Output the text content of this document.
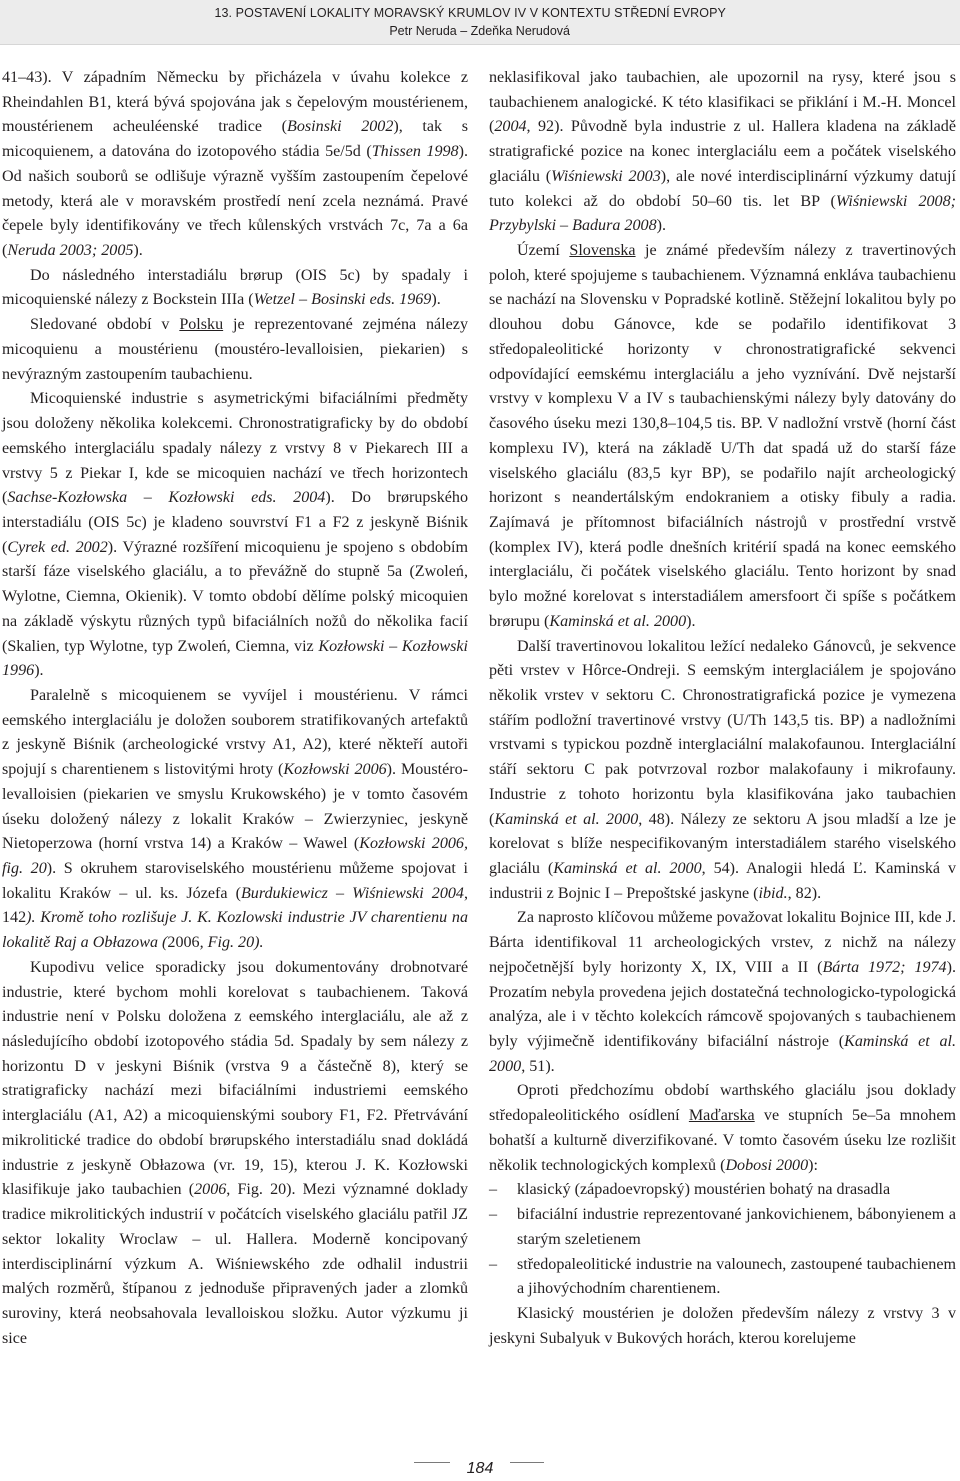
13. POSTAVENÍ LOKALITY MORAVSKÝ KRUMLOV IV V KONTEXTU STŘEDNÍ EVROPY
Petr Neruda – Zdeňka Nerudová

41–43). V západním Německu by přicházela v úvahu kolekce z Rheindahlen B1, která bývá spojována jak s čepelovým moustérienem, moustérienem acheuléenské tradice (Bosinski 2002), tak s micoquienem, a datována do izotopového stádia 5e/5d (Thissen 1998). Od našich souborů se odlišuje výrazně vyšším zastoupením čepelové metody, která ale v moravském prostředí není zcela neznámá. Pravé čepele byly identifikovány ve třech kůlenských vrstvách 7c, 7a a 6a (Neruda 2003; 2005).

Do následného interstadiálu brørup (OIS 5c) by spadaly i micoquienské nálezy z Bockstein IIIa (Wetzel – Bosinski eds. 1969).

Sledované období v Polsku je reprezentované zejména nálezy micoquienu a moustérienu (moustéro-levalloisien, piekarien) s nevýrazným zastoupením taubachienu.

Micoquienské industrie s asymetrickými bifaciálními předměty jsou doloženy několika kolekcemi. Chronostratigraficky by do období eemského interglaciálu spadaly nálezy z vrstvy 8 v Piekarech III a vrstvy 5 z Piekar I, kde se micoquien nachází ve třech horizontech (Sachse-Kozłowska – Kozłowski eds. 2004). Do brørupského interstadiálu (OIS 5c) je kladeno souvrství F1 a F2 z jeskyně Biśnik (Cyrek ed. 2002). Výrazné rozšíření micoquienu je spojeno s obdobím starší fáze viselského glaciálu, a to převážně do stupně 5a (Zwoleń, Wylotne, Ciemna, Okienik). V tomto období dělíme polský micoquien na základě výskytu různých typů bifaciálních nožů do několika facií (Skalien, typ Wylotne, typ Zwoleń, Ciemna, viz Kozłowski – Kozłowski 1996).

Paralelně s micoquienem se vyvíjel i moustérienu. V rámci eemského interglaciálu je doložen souborem stratifikovaných artefaktů z jeskyně Biśnik (archeologické vrstvy A1, A2), které někteří autoři spojují s charentienem s listovitými hroty (Kozłowski 2006). Moustéro-levalloisien (piekarien ve smyslu Krukowského) je v tomto časovém úseku doložený nálezy z lokalit Kraków – Zwierzyniec, jeskyně Nietoperzowa (horní vrstva 14) a Kraków – Wawel (Kozłowski 2006, fig. 20). S okruhem staroviselského moustérienu můžeme spojovat i lokalitu Kraków – ul. ks. Józefa (Burdukiewicz – Wiśniewski 2004, 142). Kromě toho rozlišuje J. K. Kozlowski industrie JV charentienu na lokalitě Raj a Obłazowa (2006, Fig. 20).

Kupodivu velice sporadicky jsou dokumentovány drobnotvaré industrie, které bychom mohli korelovat s taubachienem. Taková industrie není v Polsku doložena z eemského interglaciálu, ale až z následujícího období izotopového stádia 5d. Spadaly by sem nálezy z horizontu D v jeskyni Biśnik (vrstva 9 a částečně 8), který se stratigraficky nachází mezi bifaciálními industriemi eemského interglaciálu (A1, A2) a micoquienskými soubory F1, F2. Přetrvávání mikrolitické tradice do období brørupského interstadiálu snad dokládá industrie z jeskyně Obłazowa (vr. 19, 15), kterou J. K. Kozłowski klasifikuje jako taubachien (2006, Fig. 20). Mezi významné doklady tradice mikrolitických industrií v počátcích viselského glaciálu patřil JZ sektor lokality Wroclaw – ul. Hallera. Moderně koncipovaný interdisciplinární výzkum A. Wiśniewského zde odhalil industrii malých rozměrů, štípanou z jednoduše připravených jader a zlomků suroviny, která neobsahovala levalloiskou složku. Autor výzkumu ji sice

neklasifikoval jako taubachien, ale upozornil na rysy, které jsou s taubachienem analogické. K této klasifikaci se přiklání i M.-H. Moncel (2004, 92). Původně byla industrie z ul. Hallera kladena na základě stratigrafické pozice na konec interglaciálu eem a počátek viselského glaciálu (Wiśniewski 2003), ale nové interdisciplinární výzkumy datují tuto kolekci až do období 50–60 tis. let BP (Wiśniewski 2008; Przybylski – Badura 2008).

Území Slovenska je známé především nálezy z travertinových poloh, které spojujeme s taubachienem. Významná enkláva taubachienu se nachází na Slovensku v Popradské kotlině. Stěžejní lokalitou byly po dlouhou dobu Gánovce, kde se podařilo identifikovat 3 středopaleolitické horizonty v chronostratigrafické sekvenci odpovídající eemskému interglaciálu a jeho vyznívání. Dvě nejstarší vrstvy v komplexu V a IV s taubachienskými nálezy byly datovány do časového úseku mezi 130,8–104,5 tis. BP. V nadložní vrstvě (horní část komplexu IV), která na základě U/Th dat spadá už do starší fáze viselského glaciálu (83,5 kyr BP), se podařilo najít archeologický horizont s neandertálským endokraniem a otisky fibuly a radia. Zajímavá je přítomnost bifaciálních nástrojů v prostřední vrstvě (komplex IV), která podle dnešních kritérií spadá na konec eemského interglaciálu, či počátek viselského glaciálu. Tento horizont by snad bylo možné korelovat s interstadiálem amersfoort či spíše s počátkem brørupu (Kaminská et al. 2000).

Další travertinovou lokalitou ležící nedaleko Gánovců, je sekvence pěti vrstev v Hôrce-Ondreji. S eemským interglaciálem je spojováno několik vrstev v sektoru C. Chronostratigrafická pozice je vymezena stářím podložní travertinové vrstvy (U/Th 143,5 tis. BP) a nadložními vrstvami s typickou pozdně interglaciální malakofaunou. Interglaciální stáří sektoru C pak potvrzoval rozbor malakofauny i mikrofauny. Industrie z tohoto horizontu byla klasifikována jako taubachien (Kaminská et al. 2000, 48). Nálezy ze sektoru A jsou mladší a lze je korelovat s blíže nespecifikovaným interstadiálem starého viselského glaciálu (Kaminská et al. 2000, 54). Analogii hledá Ľ. Kaminská v industrii z Bojnic I – Prepoštské jaskyne (ibid., 82).

Za naprosto klíčovou můžeme považovat lokalitu Bojnice III, kde J. Bárta identifikoval 11 archeologických vrstev, z nichž na nálezy nejpočetnější byly horizonty X, IX, VIII a II (Bárta 1972; 1974). Prozatím nebyla provedena jejich dostatečná technologicko-typologická analýza, ale i v těchto kolekcích rámcově spojovaných s taubachienem byly výjimečně identifikovány bifaciální nástroje (Kaminská et al. 2000, 51).

Oproti předchozímu období warthského glaciálu jsou doklady středopaleolitického osídlení Maďarska ve stupních 5e–5a mnohem bohatší a kulturně diverzifikované. V tomto časovém úseku lze rozlišit několik technologických komplexů (Dobosi 2000):

– klasický (západoevropský) moustérien bohatý na drasadla
– bifaciální industrie reprezentované jankovichienem, bábonyienem a starým szeletienem
– středopaleolitické industrie na valounech, zastoupené taubachienem a jihovýchodním charentienem.

Klasický moustérien je doložen především nálezy z vrstvy 3 v jeskyni Subalyuk v Bukových horách, kterou korelujeme

184
